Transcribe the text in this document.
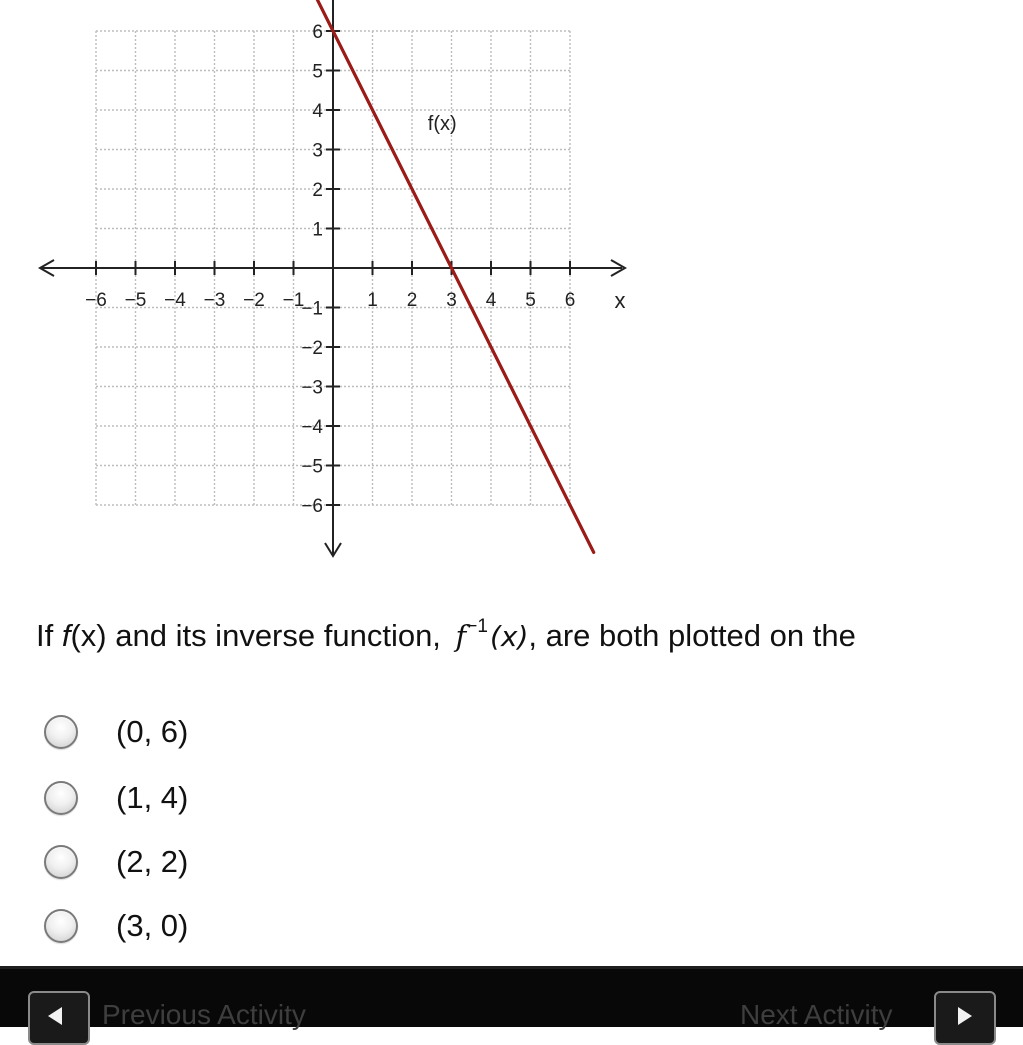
−6 −5 −4 −3 −2 −1	1 2 3 4 5 6
6
5
4
3
2
1
−1
−2
−3
−4
−5
−6
x
f(x)
If f(x) and its inverse function, $f^{-1}(x)$, are both plotted on the
(0, 6)
(1, 4)
(2, 2)
(3, 0)
Previous Activity	Next Activity
